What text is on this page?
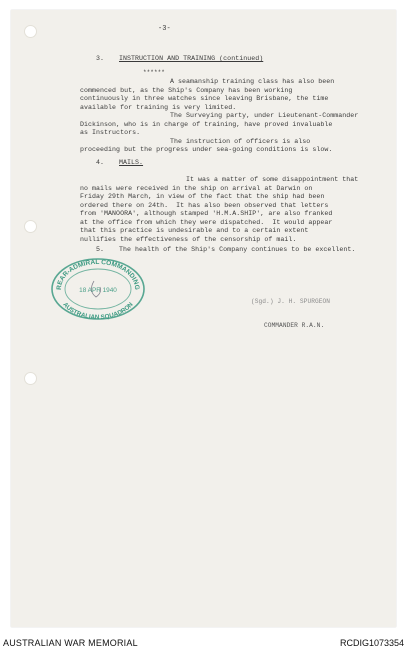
-3-

3. INSTRUCTION AND TRAINING (continued)

******

A seamanship training class has also been

commenced but, as the Ship's Company has been working

continuously in three watches since leaving Brisbane, the time

available for training is very limited.

The Surveying party, under Lieutenant-Commander

Dickinson, who is in charge of training, have proved invaluable

as Instructors.

The instruction of officers is also

proceeding but the progress under sea-going conditions is slow.

4. MAILS.

It was a matter of some disappointment that

no mails were received in the ship on arrival at Darwin on

Friday 29th March, in view of the fact that the ship had been

ordered there on 24th.  It has also been observed that letters

from 'MANOORA', although stamped 'H.M.A.SHIP', are also franked

at the office from which they were dispatched.  It would appear

that this practice is undesirable and to a certain extent

nullifies the effectiveness of the censorship of mail.

5. The health of the Ship's Company continues to be excellent.

REAR-ADMIRAL COMMANDING
18 APR 1940
AUSTRALIAN SQUADRON	(Sgd.) J. H. SPURGEON

COMMANDER R.A.N.

AUSTRALIAN WAR MEMORIAL	RCDIG1073354
